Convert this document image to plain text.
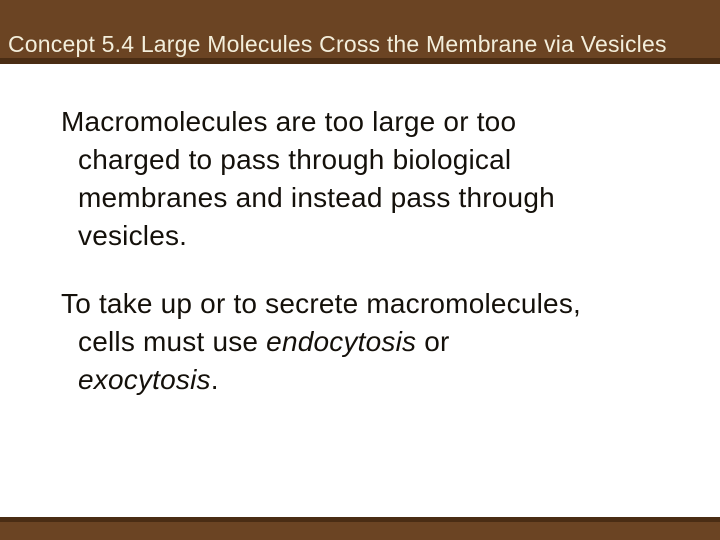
Concept 5.4 Large Molecules Cross the Membrane via Vesicles
Macromolecules are too large or too
charged to pass through biological
membranes and instead pass through
vesicles.
To take up or to secrete macromolecules,
cells must use endocytosis or
exocytosis.
